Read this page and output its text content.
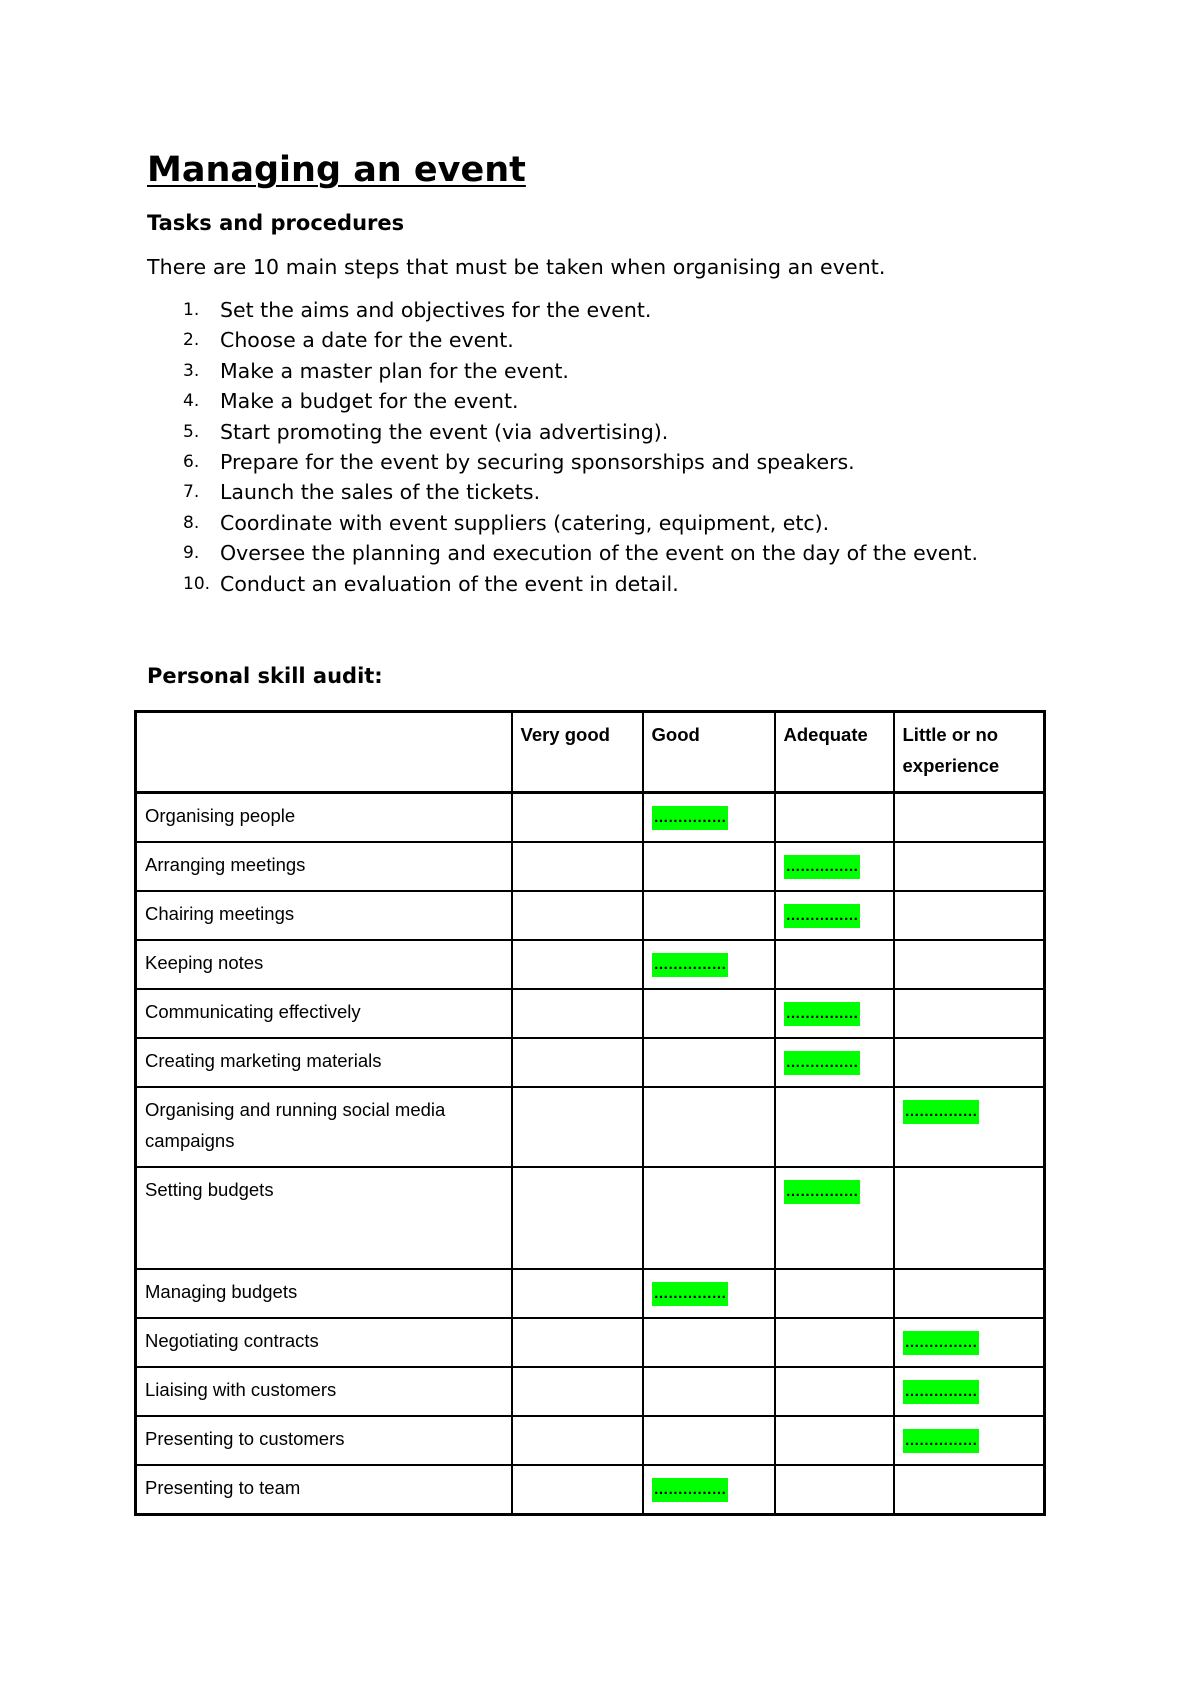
Managing an event
Tasks and procedures

There are 10 main steps that must be taken when organising an event.

1.	Set the aims and objectives for the event.
2.	Choose a date for the event.
3.	Make a master plan for the event.
4.	Make a budget for the event.
5.	Start promoting the event (via advertising).
6.	Prepare for the event by securing sponsorships and speakers.
7.	Launch the sales of the tickets.
8.	Coordinate with event suppliers (catering, equipment, etc).
9.	Oversee the planning and execution of the event on the day of the event.
10. Conduct an evaluation of the event in detail.
Personal skill audit:
	Very good	Good	Adequate	Little or no experience
Organising people		……………		
Arranging meetings			……………	
Chairing meetings			……………	
Keeping notes		……………		
Communicating effectively			……………	
Creating marketing materials			……………	
Organising and running social media campaigns				……………
Setting budgets			……………	
Managing budgets		……………		
Negotiating contracts				……………
Liaising with customers				……………
Presenting to customers				……………
Presenting to team		……………		
